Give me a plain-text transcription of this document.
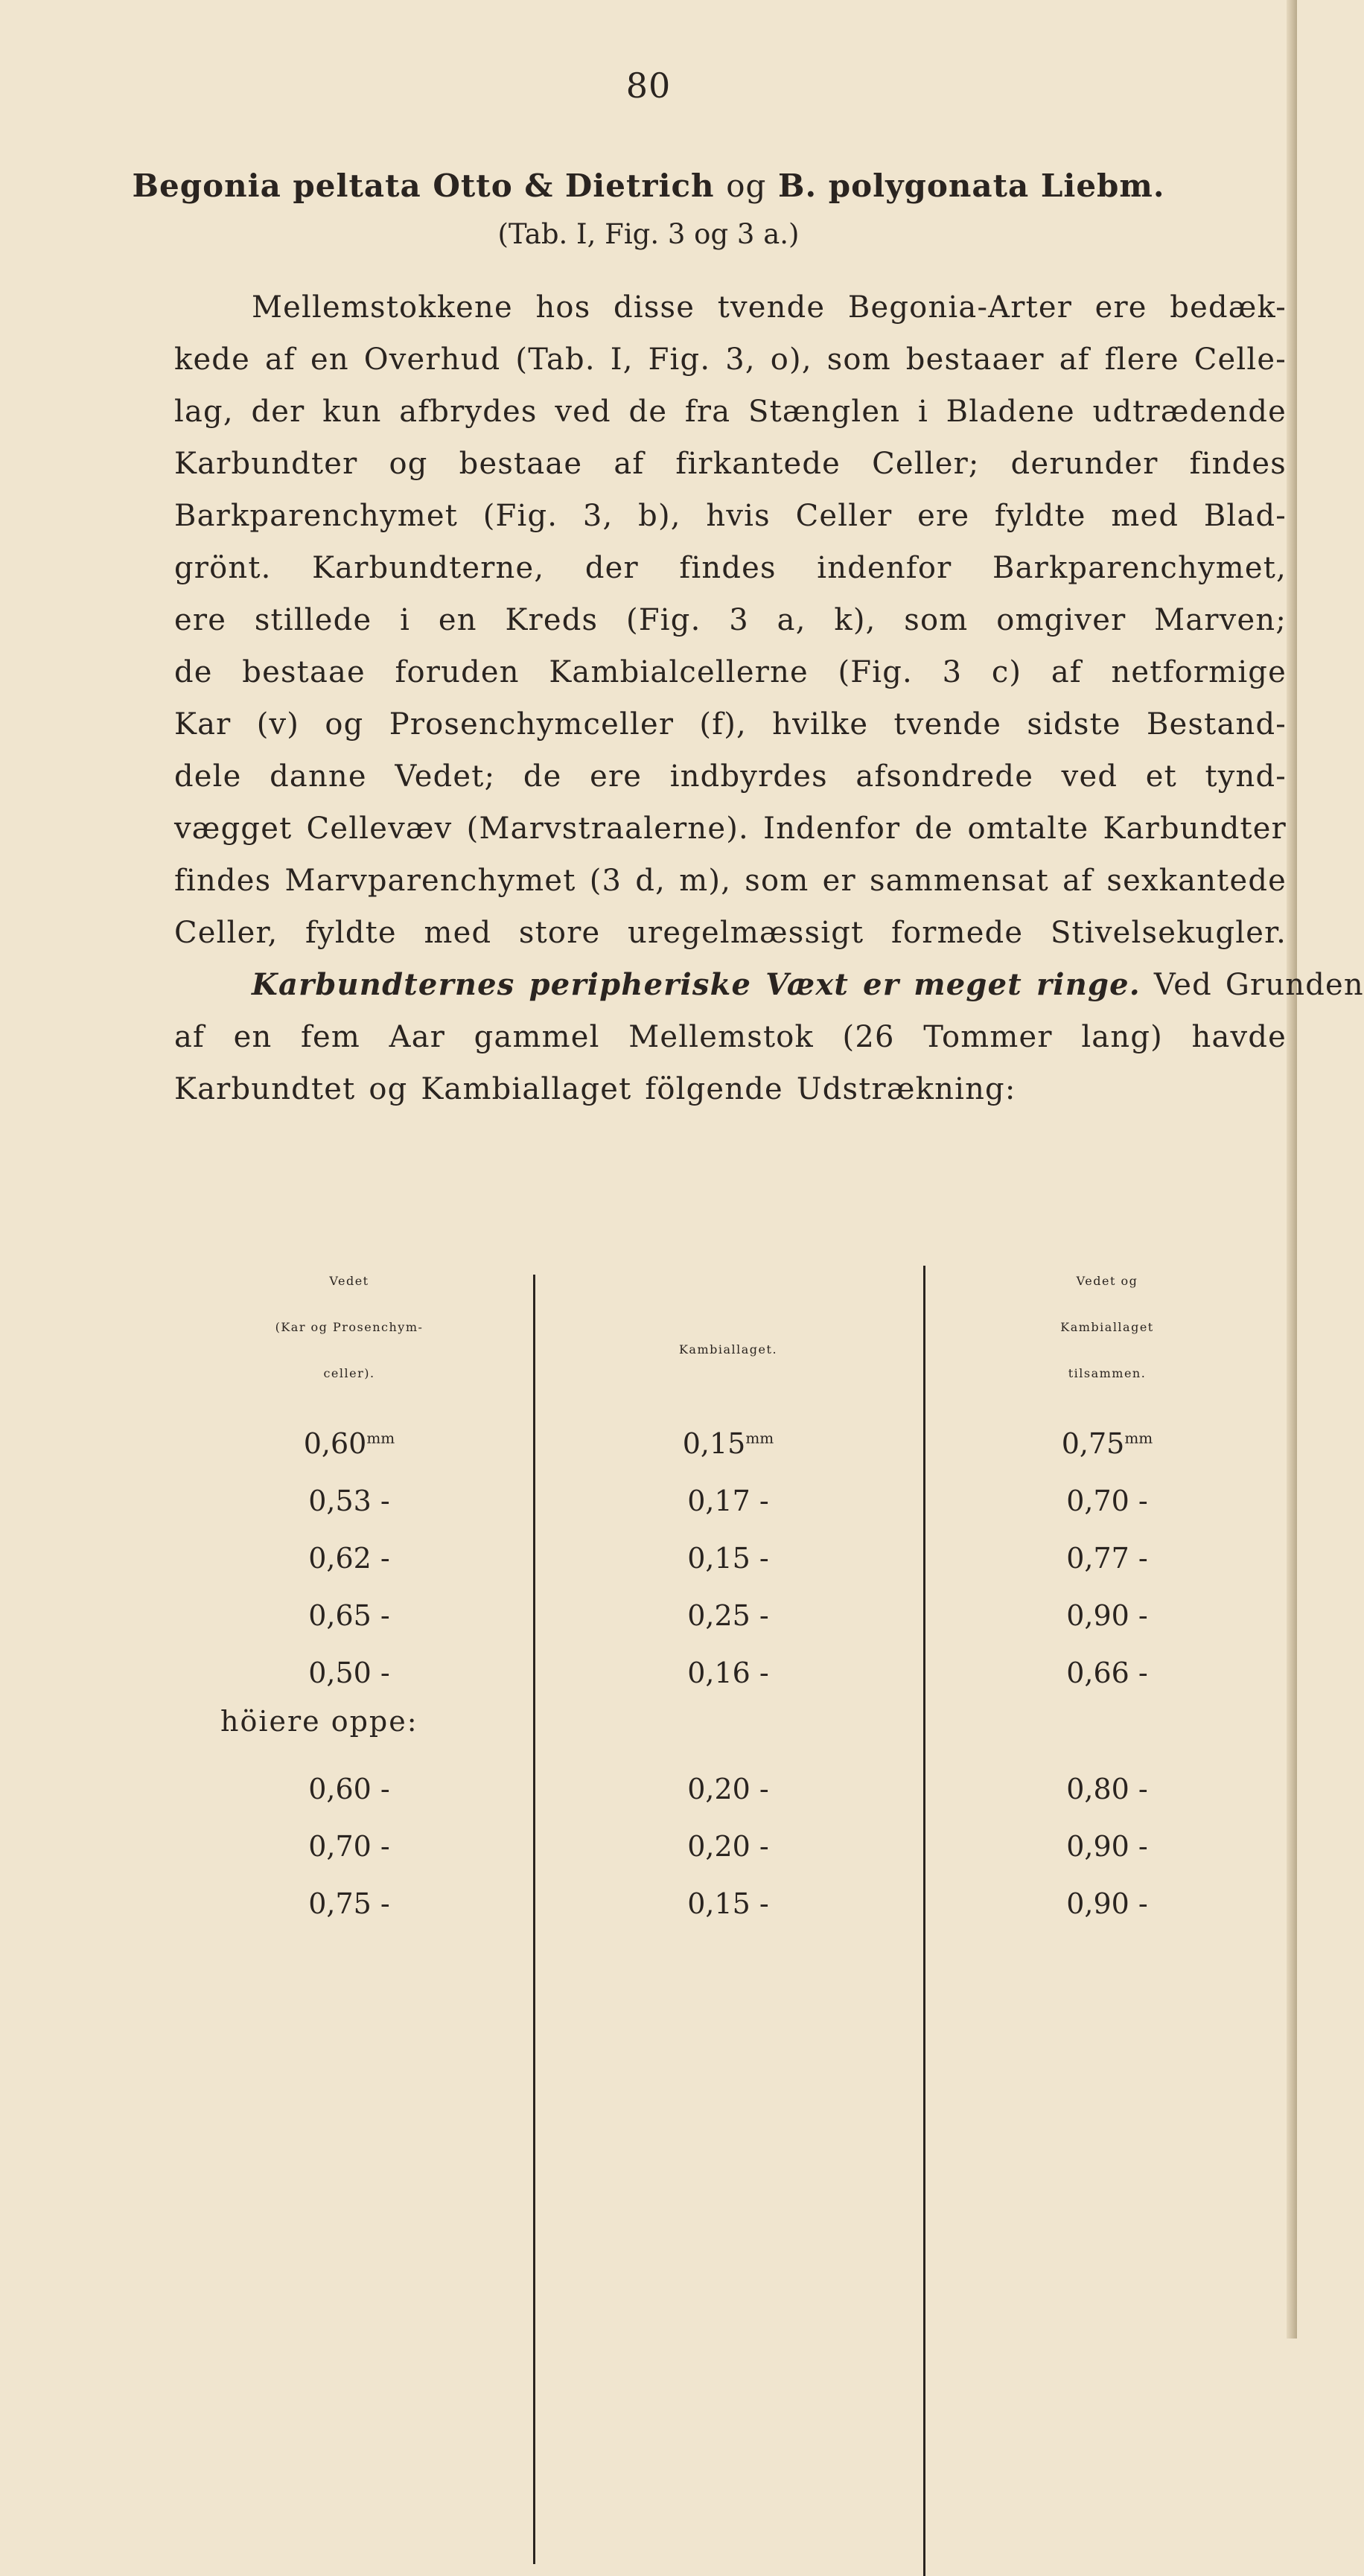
80
Begonia peltata Otto & Dietrich og B. polygonata Liebm.
(Tab. I, Fig. 3 og 3 a.)
Mellemstokkene hos disse tvende Begonia-Arter ere bedæk-
kede af en Overhud (Tab. I, Fig. 3, o), som bestaaer af flere Celle-
lag, der kun afbrydes ved de fra Stænglen i Bladene udtrædende
Karbundter og bestaae af firkantede Celler; derunder findes
Barkparenchymet (Fig. 3, b), hvis Celler ere fyldte med Blad-
grönt. Karbundterne, der findes indenfor Barkparenchymet,
ere stillede i en Kreds (Fig. 3 a, k), som omgiver Marven;
de bestaae foruden Kambialcellerne (Fig. 3 c) af netformige
Kar (v) og Prosenchymceller (f), hvilke tvende sidste Bestand-
dele danne Vedet; de ere indbyrdes afsondrede ved et tynd-
vægget Cellevæv (Marvstraalerne). Indenfor de omtalte Karbundter
findes Marvparenchymet (3 d, m), som er sammensat af sexkantede
Celler, fyldte med store uregelmæssigt formede Stivelsekugler.
Karbundternes peripheriske Væxt er meget ringe. Ved Grunden
af en fem Aar gammel Mellemstok (26 Tommer lang) havde
Karbundtet og Kambiallaget fölgende Udstrækning:
Vedet
(Kar og Prosenchym-
celler).
Kambiallaget.
Vedet og
Kambiallaget
tilsammen.
$0,60^{mm}$	$0,15^{mm}$	$0,75^{mm}$
0,53 -	0,17 -	0,70 -
0,62 -	0,15 -	0,77 -
0,65 -	0,25 -	0,90 -
0,50 -	0,16 -	0,66 -
höiere oppe:
0,60 -	0,20 -	0,80 -
0,70 -	0,20 -	0,90 -
0,75 -	0,15 -	0,90 -
